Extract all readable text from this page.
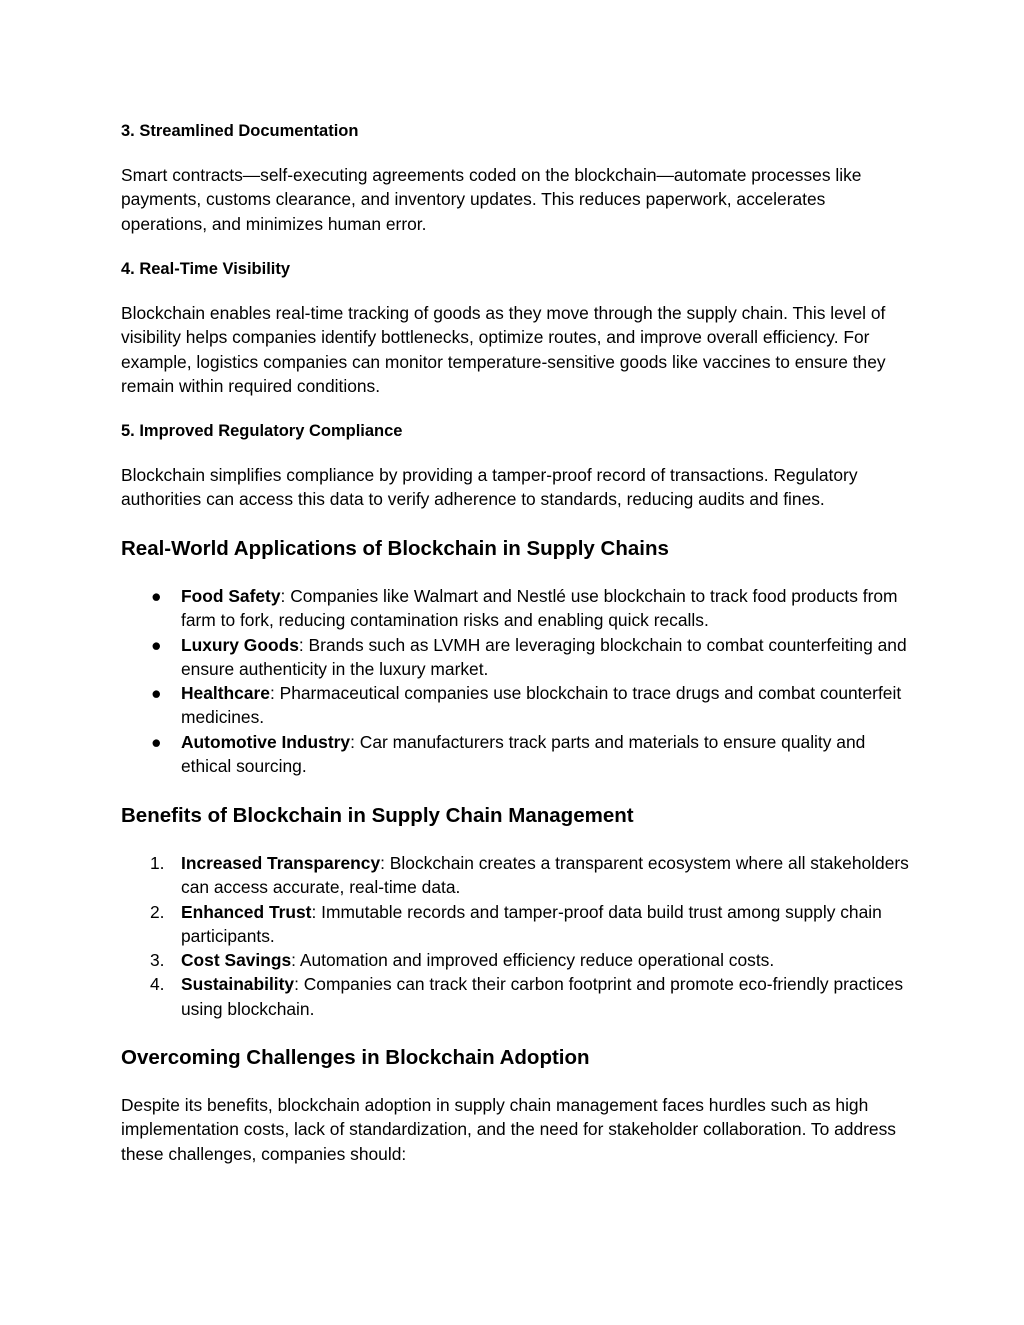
3. Streamlined Documentation

Smart contracts—self-executing agreements coded on the blockchain—automate processes like payments, customs clearance, and inventory updates. This reduces paperwork, accelerates operations, and minimizes human error.

4. Real-Time Visibility

Blockchain enables real-time tracking of goods as they move through the supply chain. This level of visibility helps companies identify bottlenecks, optimize routes, and improve overall efficiency. For example, logistics companies can monitor temperature-sensitive goods like vaccines to ensure they remain within required conditions.

5. Improved Regulatory Compliance

Blockchain simplifies compliance by providing a tamper-proof record of transactions. Regulatory authorities can access this data to verify adherence to standards, reducing audits and fines.

Real-World Applications of Blockchain in Supply Chains
● Food Safety: Companies like Walmart and Nestlé use blockchain to track food products from farm to fork, reducing contamination risks and enabling quick recalls.
● Luxury Goods: Brands such as LVMH are leveraging blockchain to combat counterfeiting and ensure authenticity in the luxury market.
● Healthcare: Pharmaceutical companies use blockchain to trace drugs and combat counterfeit medicines.
● Automotive Industry: Car manufacturers track parts and materials to ensure quality and ethical sourcing.
Benefits of Blockchain in Supply Chain Management
1. Increased Transparency: Blockchain creates a transparent ecosystem where all stakeholders can access accurate, real-time data.
2. Enhanced Trust: Immutable records and tamper-proof data build trust among supply chain participants.
3. Cost Savings: Automation and improved efficiency reduce operational costs.
4. Sustainability: Companies can track their carbon footprint and promote eco-friendly practices using blockchain.
Overcoming Challenges in Blockchain Adoption

Despite its benefits, blockchain adoption in supply chain management faces hurdles such as high implementation costs, lack of standardization, and the need for stakeholder collaboration. To address these challenges, companies should:
